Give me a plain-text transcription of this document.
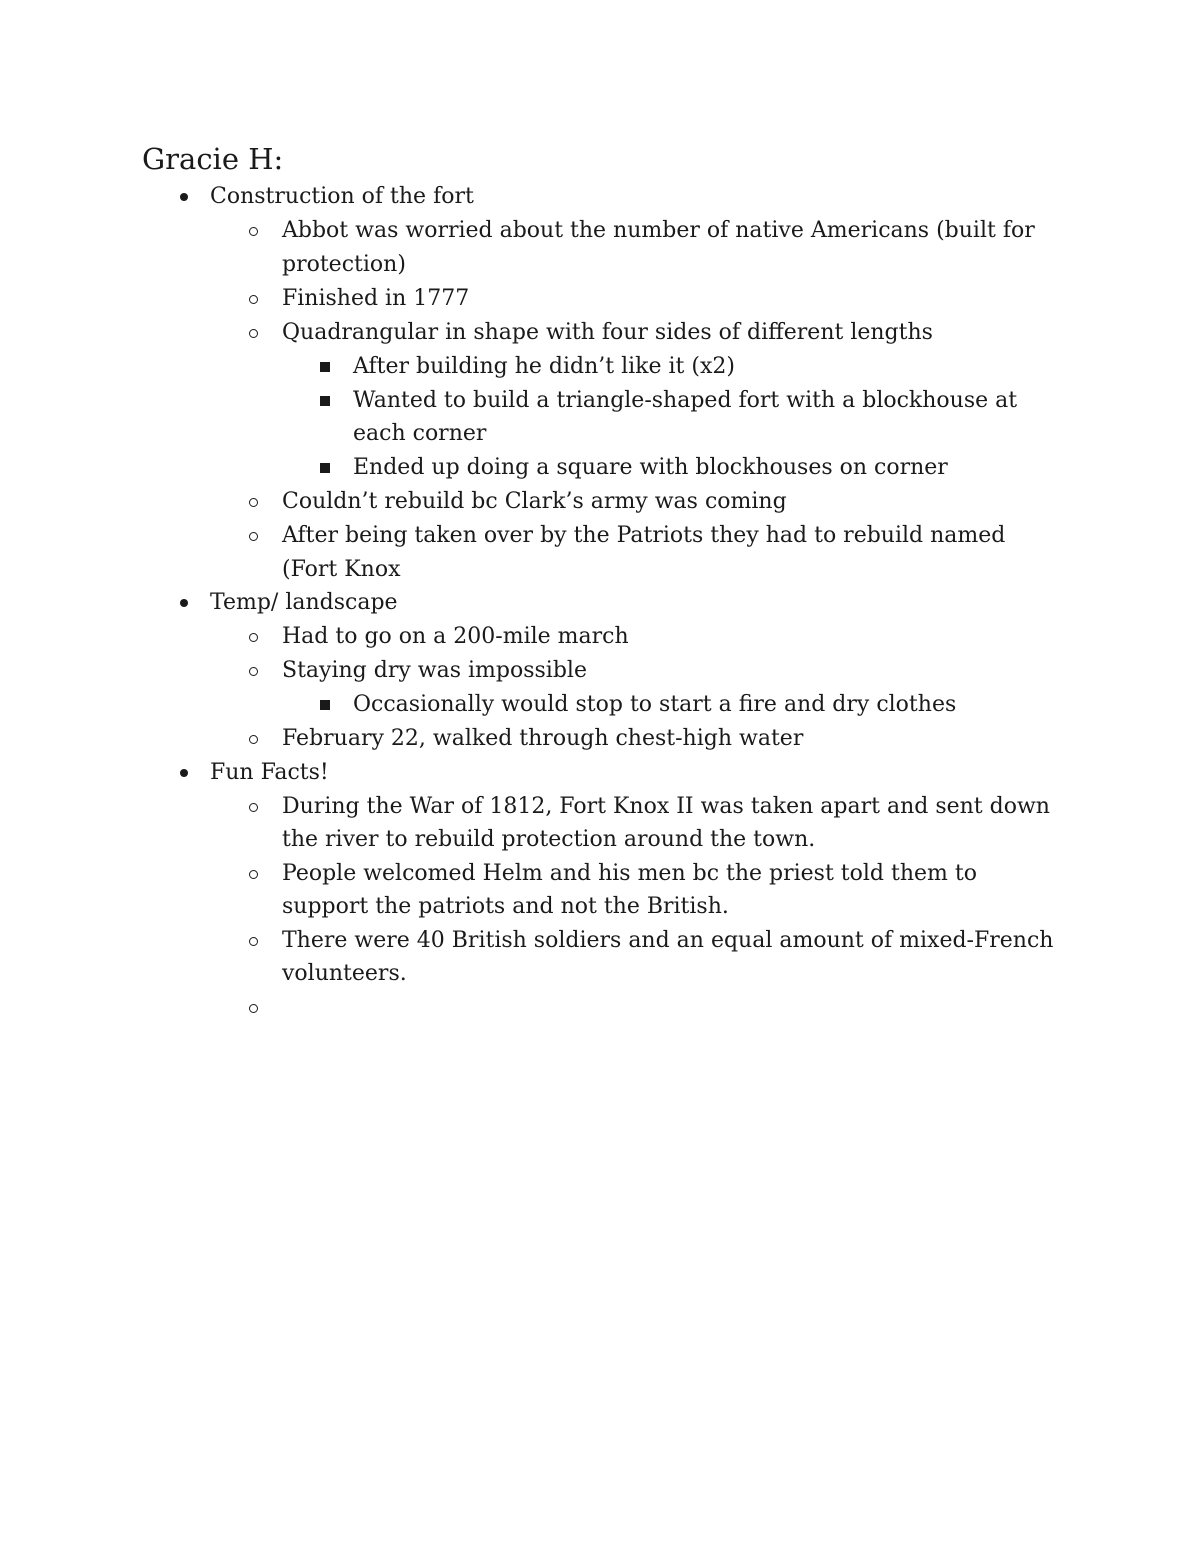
Gracie H:
Construction of the fort
Abbot was worried about the number of native Americans (built for
protection)
Finished in 1777
Quadrangular in shape with four sides of different lengths
After building he didn’t like it (x2)
Wanted to build a triangle-shaped fort with a blockhouse at
each corner
Ended up doing a square with blockhouses on corner
Couldn’t rebuild bc Clark’s army was coming
After being taken over by the Patriots they had to rebuild named
(Fort Knox
Temp/ landscape
Had to go on a 200-mile march
Staying dry was impossible
Occasionally would stop to start a fire and dry clothes
February 22, walked through chest-high water
Fun Facts!
During the War of 1812, Fort Knox II was taken apart and sent down
the river to rebuild protection around the town.
People welcomed Helm and his men bc the priest told them to
support the patriots and not the British.
There were 40 British soldiers and an equal amount of mixed-French
volunteers.
